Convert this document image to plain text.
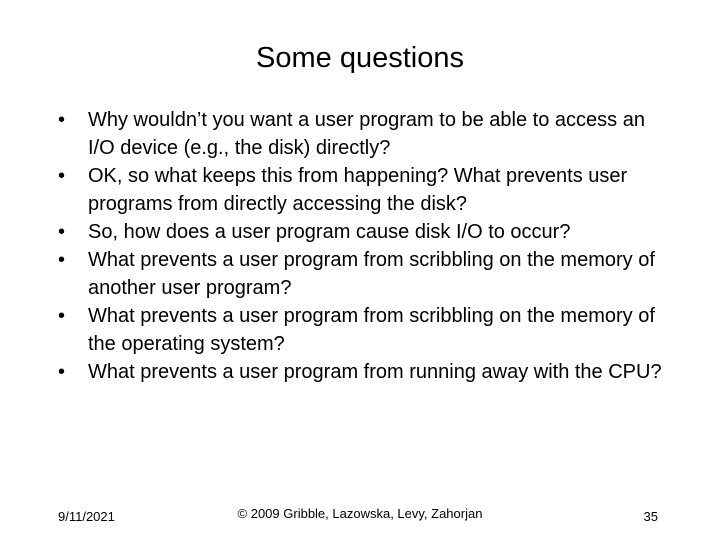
Some questions
•	Why wouldn’t you want a user program to be able to access an I/O device (e.g., the disk) directly?
•	OK, so what keeps this from happening? What prevents user programs from directly accessing the disk?
•	So, how does a user program cause disk I/O to occur?
•	What prevents a user program from scribbling on the memory of another user program?
•	What prevents a user program from scribbling on the memory of the operating system?
•	What prevents a user program from running away with the CPU?
9/11/2021	© 2009 Gribble, Lazowska, Levy, Zahorjan	35
